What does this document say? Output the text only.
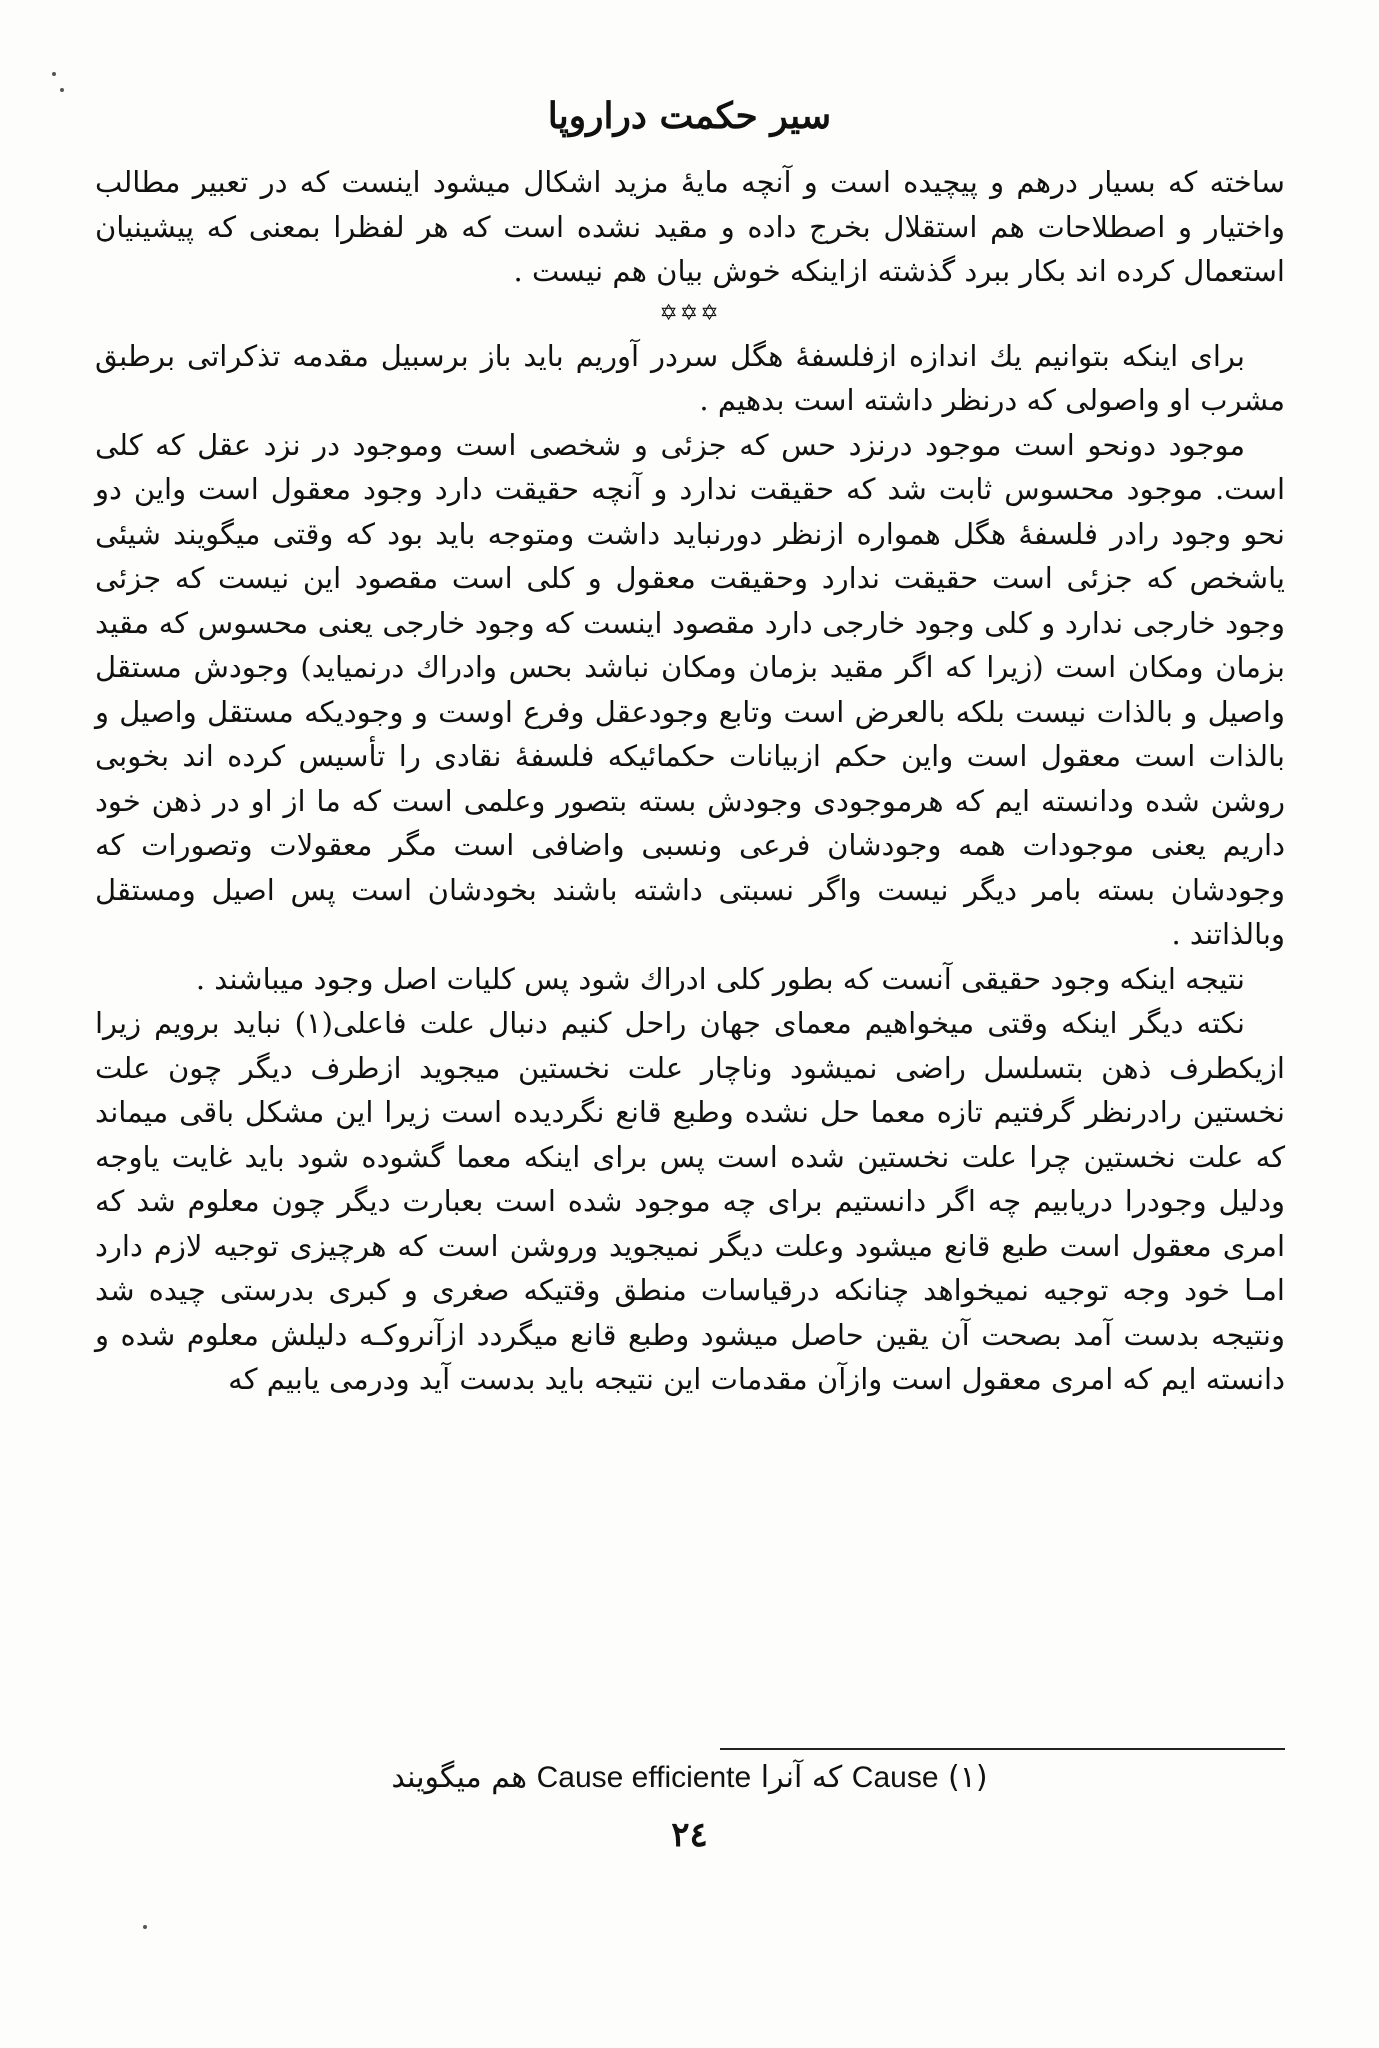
سیر حکمت دراروپا

ساخته که بسیار درهم و پیچیده است و آنچه مایهٔ مزید اشکال میشود اینست که در تعبیر مطالب واختیار و اصطلاحات هم استقلال بخرج داده و مقید نشده است که هر لفظرا بمعنی که پیشینیان استعمال کرده اند بکار ببرد گذشته ازاینکه خوش بیان هم نیست .

✡✡✡

برای اینکه بتوانیم یك اندازه ازفلسفهٔ هگل سردر آوریم باید باز برسبیل مقدمه تذکراتی برطبق مشرب او واصولی که درنظر داشته است بدهیم .

موجود دونحو است موجود درنزد حس که جزئی و شخصی است وموجود در نزد عقل که کلی است. موجود محسوس ثابت شد که حقیقت ندارد و آنچه حقیقت دارد وجود معقول است واین دو نحو وجود رادر فلسفهٔ هگل همواره ازنظر دورنباید داشت ومتوجه باید بود که وقتی میگویند شیئی یاشخص که جزئی است حقیقت ندارد وحقیقت معقول و کلی است مقصود این نیست که جزئی وجود خارجی ندارد و کلی وجود خارجی دارد مقصود اینست که وجود خارجی یعنی محسوس که مقید بزمان ومکان است (زیرا که اگر مقید بزمان ومکان نباشد بحس وادراك درنمیاید) وجودش مستقل واصیل و بالذات نیست بلکه بالعرض است وتابع وجودعقل وفرع اوست و وجودیکه مستقل واصیل و بالذات است معقول است واین حکم ازبیانات حکمائیکه فلسفهٔ نقادی را تأسیس کرده اند بخوبی روشن شده ودانسته ایم که هرموجودی وجودش بسته بتصور وعلمی است که ما از او در ذهن خود داریم یعنی موجودات همه وجودشان فرعی ونسبی واضافی است مگر معقولات وتصورات که وجودشان بسته بامر دیگر نیست واگر نسبتی داشته باشند بخودشان است پس اصیل ومستقل وبالذاتند .

نتیجه اینکه وجود حقیقی آنست که بطور کلی ادراك شود پس کلیات اصل وجود میباشند .

نکته دیگر اینکه وقتی میخواهیم معمای جهان راحل کنیم دنبال علت فاعلی(۱) نباید برویم زیرا ازیکطرف ذهن بتسلسل راضی نمیشود وناچار علت نخستین میجوید ازطرف دیگر چون علت نخستین رادرنظر گرفتیم تازه معما حل نشده وطبع قانع نگردیده است زیرا این مشکل باقی میماند که علت نخستین چرا علت نخستین شده است پس برای اینکه معما گشوده شود باید غایت یاوجه ودلیل وجودرا دریابیم چه اگر دانستیم برای چه موجود شده است بعبارت دیگر چون معلوم شد که امری معقول است طبع قانع میشود وعلت دیگر نمیجوید وروشن است که هرچیزی توجیه لازم دارد امـا خود وجه توجیه نمیخواهد چنانکه درقیاسات منطق وقتیکه صغری و کبری بدرستی چیده شد ونتیجه بدست آمد بصحت آن یقین حاصل میشود وطبع قانع میگردد ازآنروکـه دلیلش معلوم شده و دانسته ایم که امری معقول است وازآن مقدمات این نتیجه باید بدست آید ودرمی یابیم که

(۱) Cause که آنرا Cause efficiente هم میگویند
۲٤
